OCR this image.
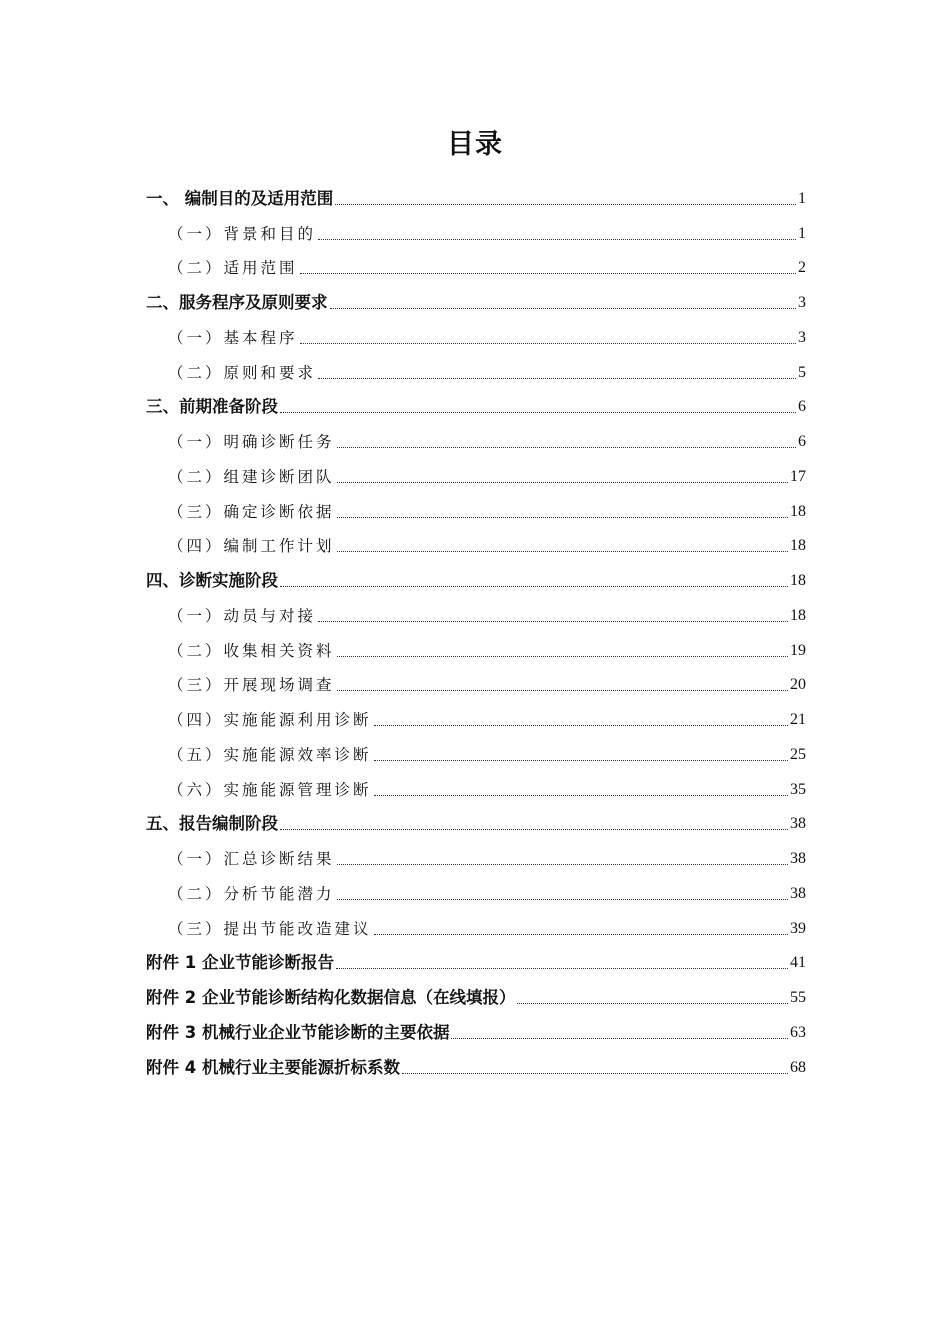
目录
一、 编制目的及适用范围	1
（一）背景和目的	1
（二）适用范围	2
二、服务程序及原则要求	3
（一）基本程序	3
（二）原则和要求	5
三、前期准备阶段	6
（一）明确诊断任务	6
（二）组建诊断团队	17
（三）确定诊断依据	18
（四）编制工作计划	18
四、诊断实施阶段	18
（一）动员与对接	18
（二）收集相关资料	19
（三）开展现场调查	20
（四）实施能源利用诊断	21
（五）实施能源效率诊断	25
（六）实施能源管理诊断	35
五、报告编制阶段	38
（一）汇总诊断结果	38
（二）分析节能潜力	38
（三）提出节能改造建议	39
附件 1 企业节能诊断报告	41
附件 2 企业节能诊断结构化数据信息（在线填报）	55
附件 3 机械行业企业节能诊断的主要依据	63
附件 4 机械行业主要能源折标系数	68
